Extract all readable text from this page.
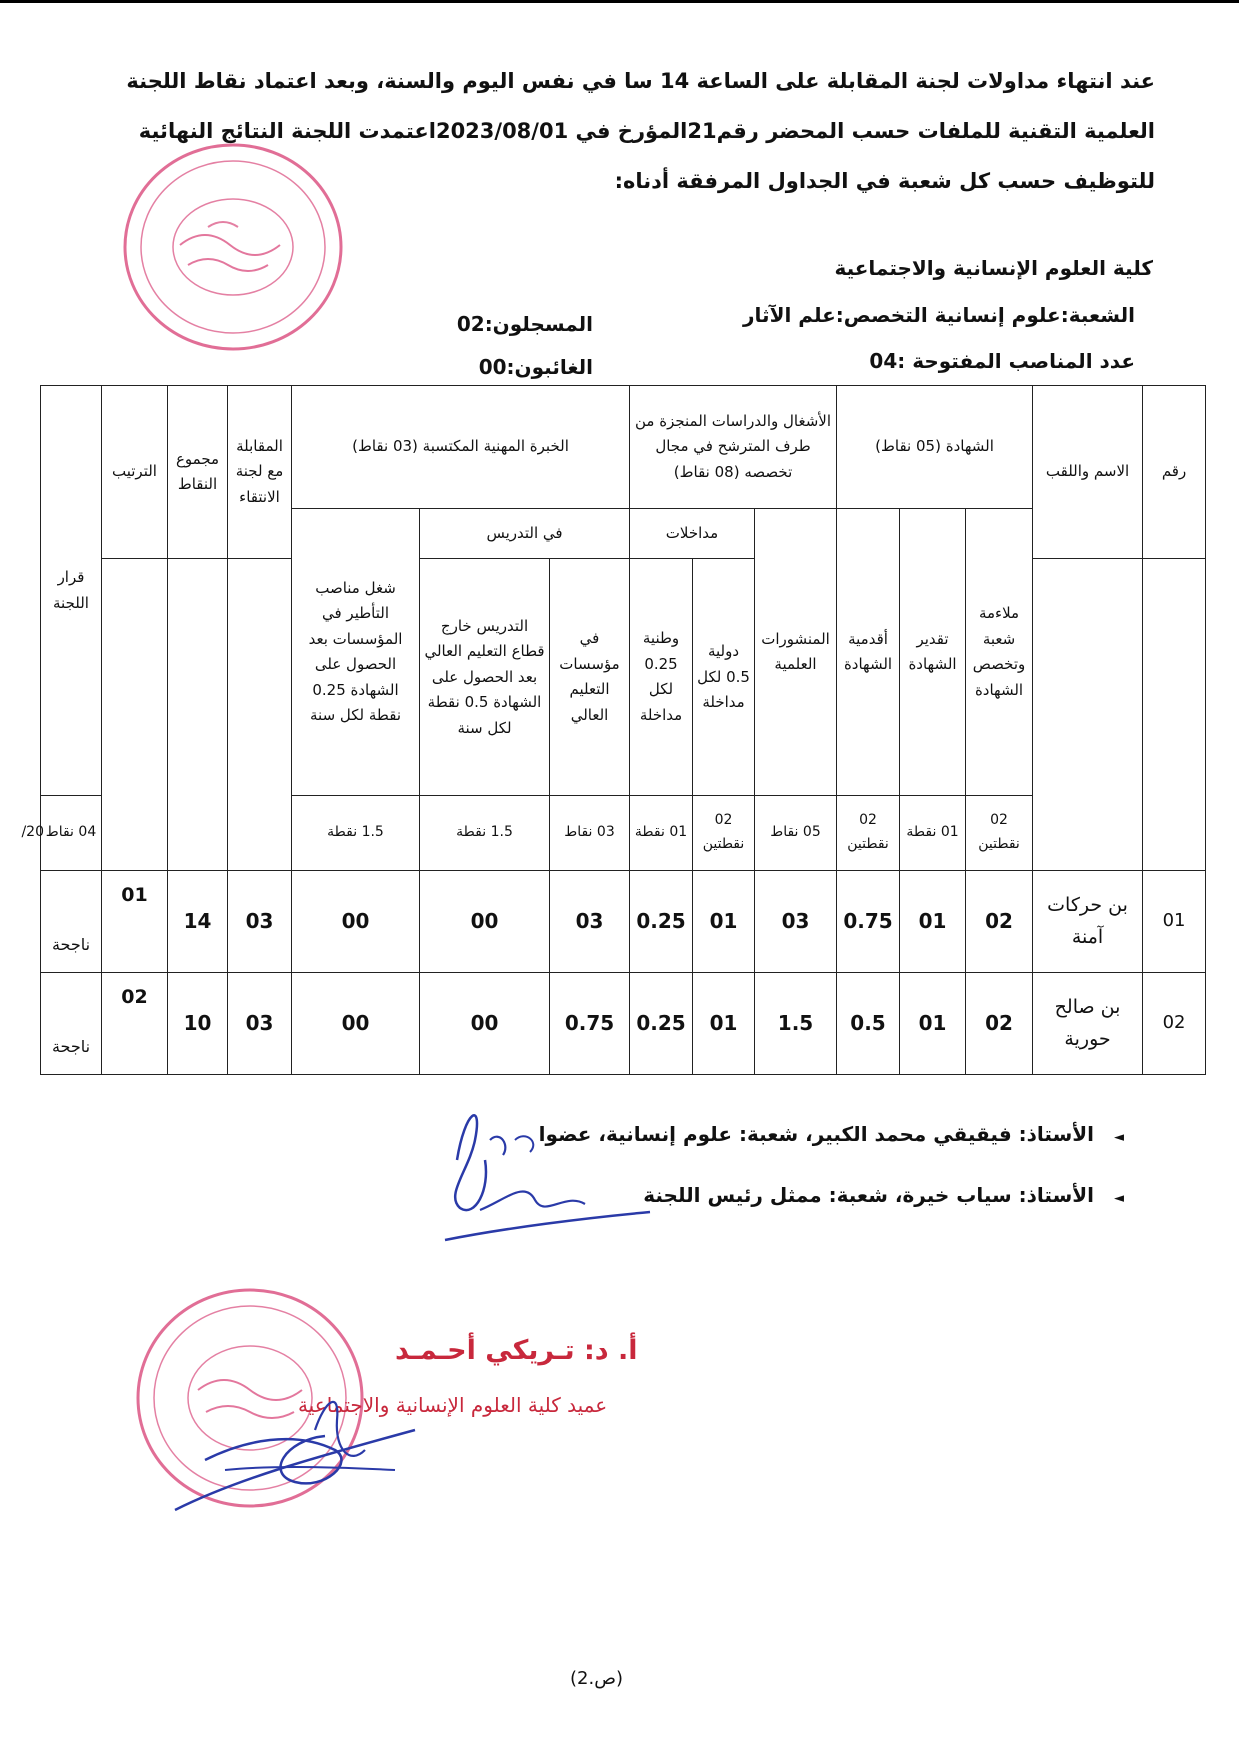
عند انتهاء مداولات لجنة المقابلة على الساعة 14 سا في نفس اليوم والسنة، وبعد اعتماد نقاط اللجنة العلمية التقنية للملفات حسب المحضر رقم21المؤرخ في 2023/08/01اعتمدت اللجنة النتائج النهائية للتوظيف حسب كل شعبة في الجداول المرفقة أدناه:
كلية العلوم الإنسانية والاجتماعية
الشعبة:علوم إنسانية التخصص:علم الآثار
المسجلون:02
عدد المناصب المفتوحة :04
الغائبون:00
رقم	الاسم واللقب	الشهادة (05 نقاط)			الأشغال والدراسات المنجزة من طرف المترشح في مجال تخصصه (08 نقاط)			الخبرة المهنية المكتسبة (03 نقاط)			المقابلة مع لجنة الانتقاء	مجموع النقاط	الترتيب	قرار اللجنة	
		ملاءمة شعبة وتخصص الشهادة	تقدير الشهادة	أقدمية الشهادة	المنشورات العلمية	مداخلات		في التدريس		شغل مناصب التأطير في المؤسسات بعد الحصول على الشهادة 0.25 نقطة لكل سنة					
						دولية 0.5 لكل مداخلة	وطنية 0.25 لكل مداخلة	في مؤسسات التعليم العالي	التدريس خارج قطاع التعليم العالي بعد الحصول على الشهادة 0.5 نقطة لكل سنة						
		02 نقطتين	01 نقطة	02 نقطتين	05 نقاط	02 نقطتين	01 نقطة	03 نقاط	1.5 نقطة	1.5 نقطة				04 نقاط	20/		
01	بن حركات آمنة	02	01	0.75	03	01	0.25	03	00	00	03	14	01	ناجحة	
02	بن صالح حورية	02	01	0.5	1.5	01	0.25	0.75	00	00	03	10	02	ناجحة	
◄
الأستاذ: فيقيقي محمد الكبير، شعبة: علوم إنسانية، عضوا
◄
الأستاذ: سياب خيرة، شعبة: ممثل رئيس اللجنة
أ. د: تـريكي أحـمـد
عميد كلية العلوم الإنسانية والاجتماعية
(ص.2)
